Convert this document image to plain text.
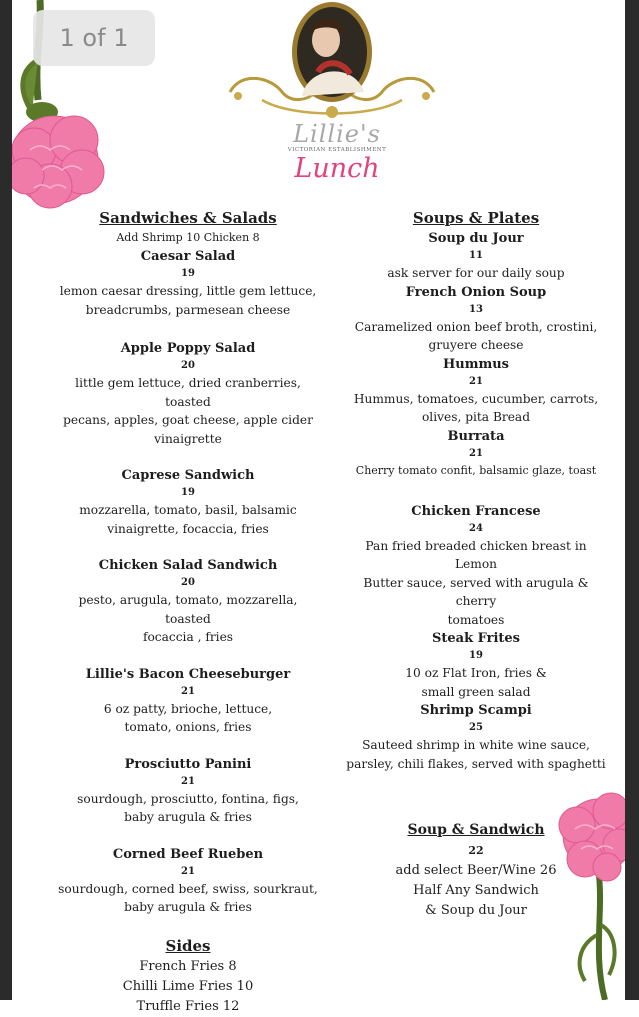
Lillie's
VICTORIAN ESTABLISHMENT
Lunch
Sandwiches & Salads
Add Shrimp 10 Chicken 8
Caesar Salad
19
lemon caesar dressing, little gem lettuce,
breadcrumbs, parmesean cheese
Apple Poppy Salad
20
little gem lettuce, dried cranberries, toasted
pecans, apples, goat cheese, apple cider
vinaigrette
Caprese Sandwich
19
mozzarella, tomato, basil, balsamic
vinaigrette, focaccia, fries
Chicken Salad Sandwich
20
pesto, arugula, tomato, mozzarella, toasted
focaccia , fries
Lillie's Bacon Cheeseburger
21
6 oz patty, brioche, lettuce,
tomato, onions, fries
Prosciutto Panini
21
sourdough, prosciutto, fontina, figs,
baby arugula & fries
Corned Beef Rueben
21
sourdough, corned beef, swiss, sourkraut,
baby arugula & fries
Sides
French Fries 8
Chilli Lime Fries 10
Truffle Fries 12
Soups & Plates
Soup du Jour
11
ask server for our daily soup
French Onion Soup
13
Caramelized onion beef broth, crostini,
gruyere cheese
Hummus
21
Hummus, tomatoes, cucumber, carrots,
olives, pita Bread
Burrata
21
Cherry tomato confit, balsamic glaze, toast
Chicken Francese
24
Pan fried breaded chicken breast in Lemon
Butter sauce, served with arugula & cherry
tomatoes
Steak Frites
19
10 oz Flat Iron, fries &
small green salad
Shrimp Scampi
25
Sauteed shrimp in white wine sauce,
parsley, chili flakes, served with spaghetti
Soup & Sandwich
22
add select Beer/Wine 26
Half Any Sandwich
& Soup du Jour
1 of 1
